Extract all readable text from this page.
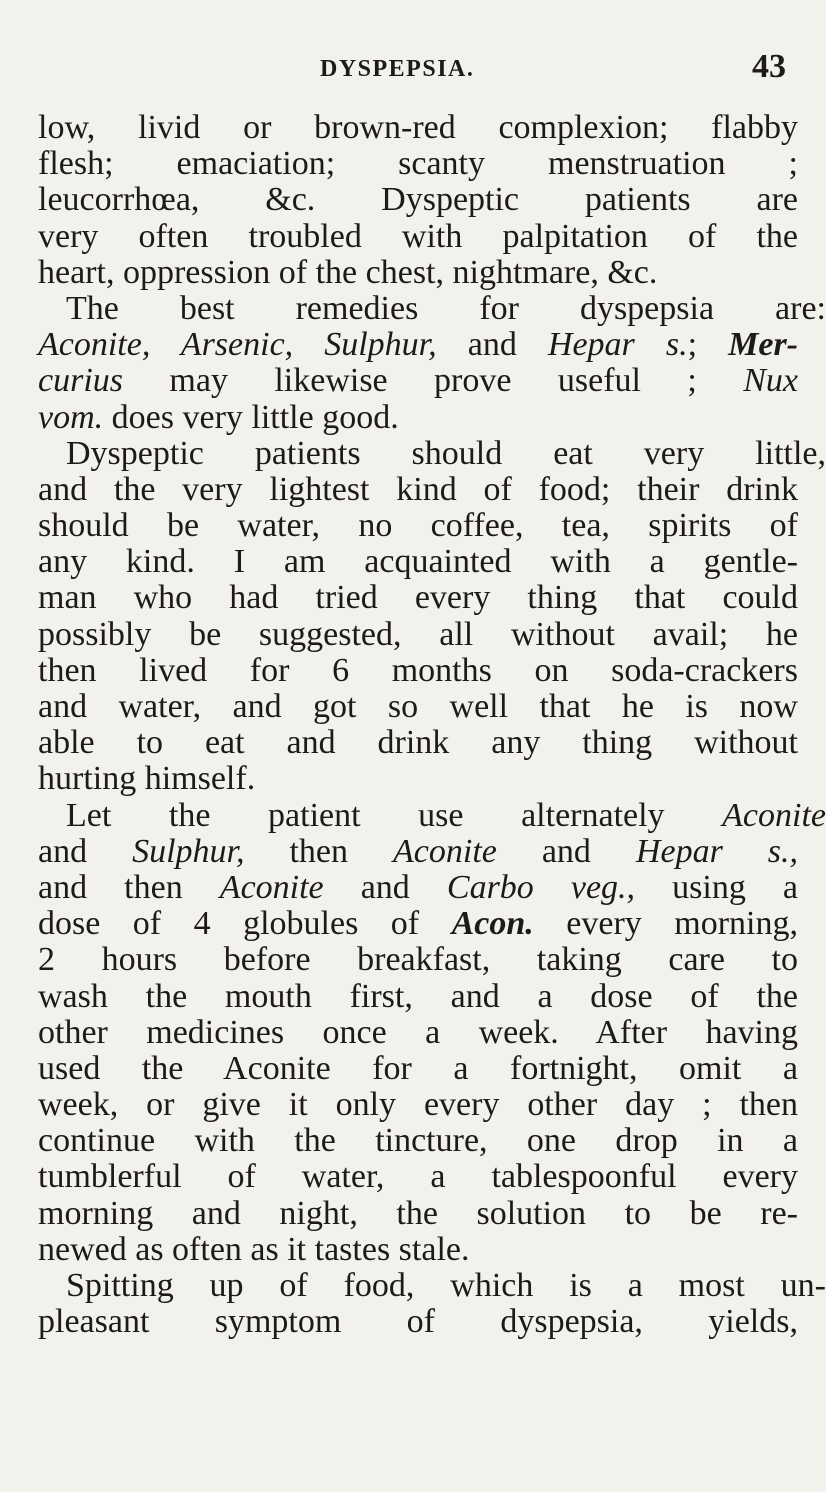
DYSPEPSIA.	43
low, livid or brown-red complexion; flabby
flesh; emaciation; scanty menstruation ;
leucorrhœa, &c. Dyspeptic patients are
very often troubled with palpitation of the
heart, oppression of the chest, nightmare, &c.
The best remedies for dyspepsia are:
Aconite, Arsenic, Sulphur, and Hepar s.; Mer-
curius may likewise prove useful ; Nux
vom. does very little good.
Dyspeptic patients should eat very little,
and the very lightest kind of food; their drink
should be water, no coffee, tea, spirits of
any kind. I am acquainted with a gentle-
man who had tried every thing that could
possibly be suggested, all without avail; he
then lived for 6 months on soda-crackers
and water, and got so well that he is now
able to eat and drink any thing without
hurting himself.
Let the patient use alternately Aconite
and Sulphur, then Aconite and Hepar s.,
and then Aconite and Carbo veg., using a
dose of 4 globules of Acon. every morning,
2 hours before breakfast, taking care to
wash the mouth first, and a dose of the
other medicines once a week. After having
used the Aconite for a fortnight, omit a
week, or give it only every other day ; then
continue with the tincture, one drop in a
tumblerful of water, a tablespoonful every
morning and night, the solution to be re-
newed as often as it tastes stale.
Spitting up of food, which is a most un-
pleasant symptom of dyspepsia, yields,
